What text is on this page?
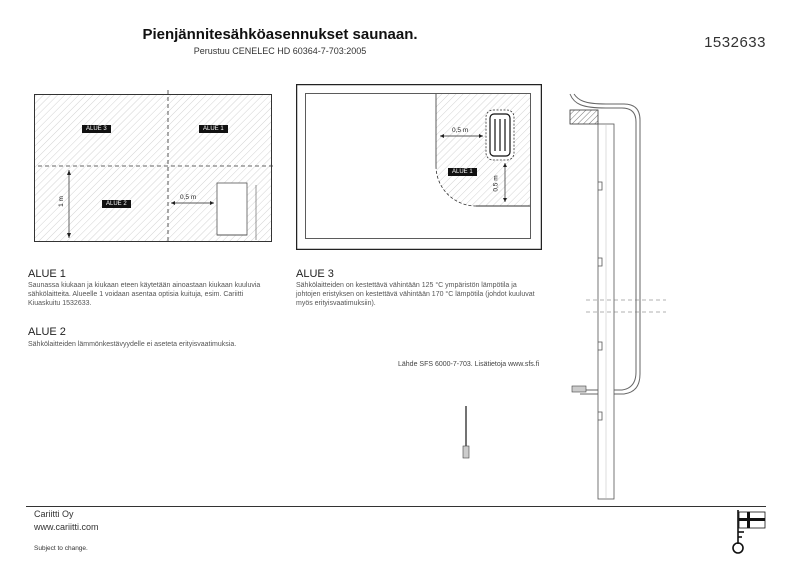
Pienjännitesähköasennukset saunaan.
Perustuu CENELEC HD 60364-7-703:2005	1532633
ALUE 3	ALUE 1
ALUE 2
1 m	0,5 m
ALUE 1
0,5 m
0,5 m
ALUE 1
Saunassa kiukaan ja kiukaan eteen käytetään ainoastaan kiukaan kuuluvia sähkölaitteita. Alueelle 1 voidaan asentaa optisia kuituja, esim. Cariitti Kiuaskuitu 1532633.
ALUE 2
Sähkölaitteiden lämmönkestävyydelle ei aseteta erityisvaatimuksia.
ALUE 3
Sähkölaitteiden on kestettävä vähintään 125 °C ympäristön lämpötila ja johtojen eristyksen on kestettävä vähintään 170 °C lämpötila (johdot kuuluvat myös erityisvaatimuksiin).
Lähde SFS 6000-7-703. Lisätietoja www.sfs.fi
Cariitti Oy
www.cariitti.com
Subject to change.
